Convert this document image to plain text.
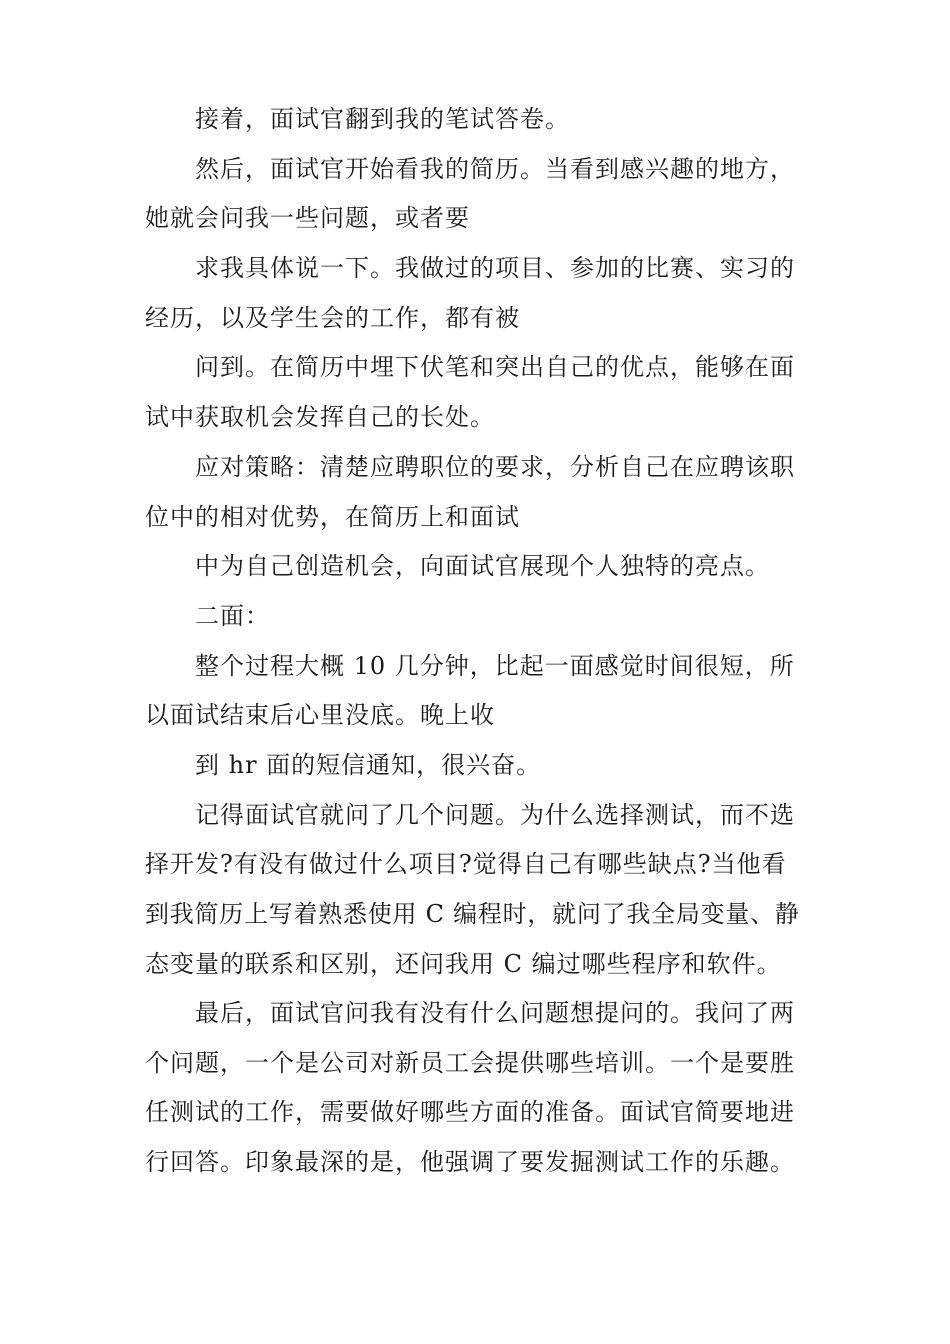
接着，面试官翻到我的笔试答卷。

然后，面试官开始看我的简历。当看到感兴趣的地方，

她就会问我一些问题，或者要

求我具体说一下。我做过的项目、参加的比赛、实习的

经历，以及学生会的工作，都有被

问到。在简历中埋下伏笔和突出自己的优点，能够在面

试中获取机会发挥自己的长处。

应对策略：清楚应聘职位的要求，分析自己在应聘该职

位中的相对优势，在简历上和面试

中为自己创造机会，向面试官展现个人独特的亮点。

二面：

整个过程大概 10 几分钟，比起一面感觉时间很短，所

以面试结束后心里没底。晚上收

到 hr 面的短信通知，很兴奋。

记得面试官就问了几个问题。为什么选择测试，而不选

择开发?有没有做过什么项目?觉得自己有哪些缺点?当他看

到我简历上写着熟悉使用 C 编程时，就问了我全局变量、静

态变量的联系和区别，还问我用 C 编过哪些程序和软件。

最后，面试官问我有没有什么问题想提问的。我问了两

个问题，一个是公司对新员工会提供哪些培训。一个是要胜

任测试的工作，需要做好哪些方面的准备。面试官简要地进

行回答。印象最深的是，他强调了要发掘测试工作的乐趣。
